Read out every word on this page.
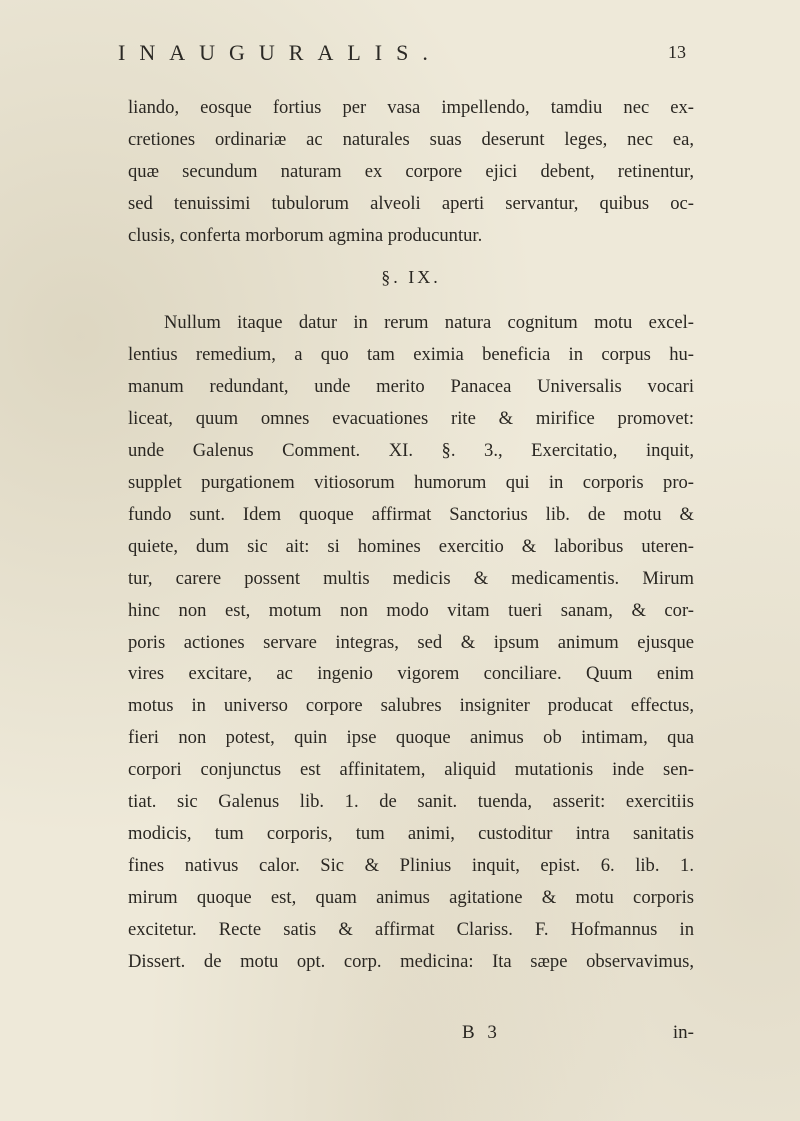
INAUGURALIS.	13
liando, eosque fortius per vasa impellendo, tamdiu nec ex-
cretiones ordinariæ ac naturales suas deserunt leges, nec ea,
quæ secundum naturam ex corpore ejici debent, retinentur,
sed tenuissimi tubulorum alveoli aperti servantur, quibus oc-
clusis, conferta morborum agmina producuntur.
§. IX.
Nullum itaque datur in rerum natura cognitum motu excel-
lentius remedium, a quo tam eximia beneficia in corpus hu-
manum redundant, unde merito Panacea Universalis vocari
liceat, quum omnes evacuationes rite & mirifice promovet:
unde Galenus Comment. XI. §. 3., Exercitatio, inquit,
supplet purgationem vitiosorum humorum qui in corporis pro-
fundo sunt. Idem quoque affirmat Sanctorius lib. de motu &
quiete, dum sic ait: si homines exercitio & laboribus uteren-
tur, carere possent multis medicis & medicamentis. Mirum
hinc non est, motum non modo vitam tueri sanam, & cor-
poris actiones servare integras, sed & ipsum animum ejusque
vires excitare, ac ingenio vigorem conciliare. Quum enim
motus in universo corpore salubres insigniter producat effectus,
fieri non potest, quin ipse quoque animus ob intimam, qua
corpori conjunctus est affinitatem, aliquid mutationis inde sen-
tiat. sic Galenus lib. 1. de sanit. tuenda, asserit: exercitiis
modicis, tum corporis, tum animi, custoditur intra sanitatis
fines nativus calor. Sic & Plinius inquit, epist. 6. lib. 1.
mirum quoque est, quam animus agitatione & motu corporis
excitetur. Recte satis & affirmat Clariss. F. Hofmannus in
Dissert. de motu opt. corp. medicina: Ita sæpe observavimus,
B 3	in-
